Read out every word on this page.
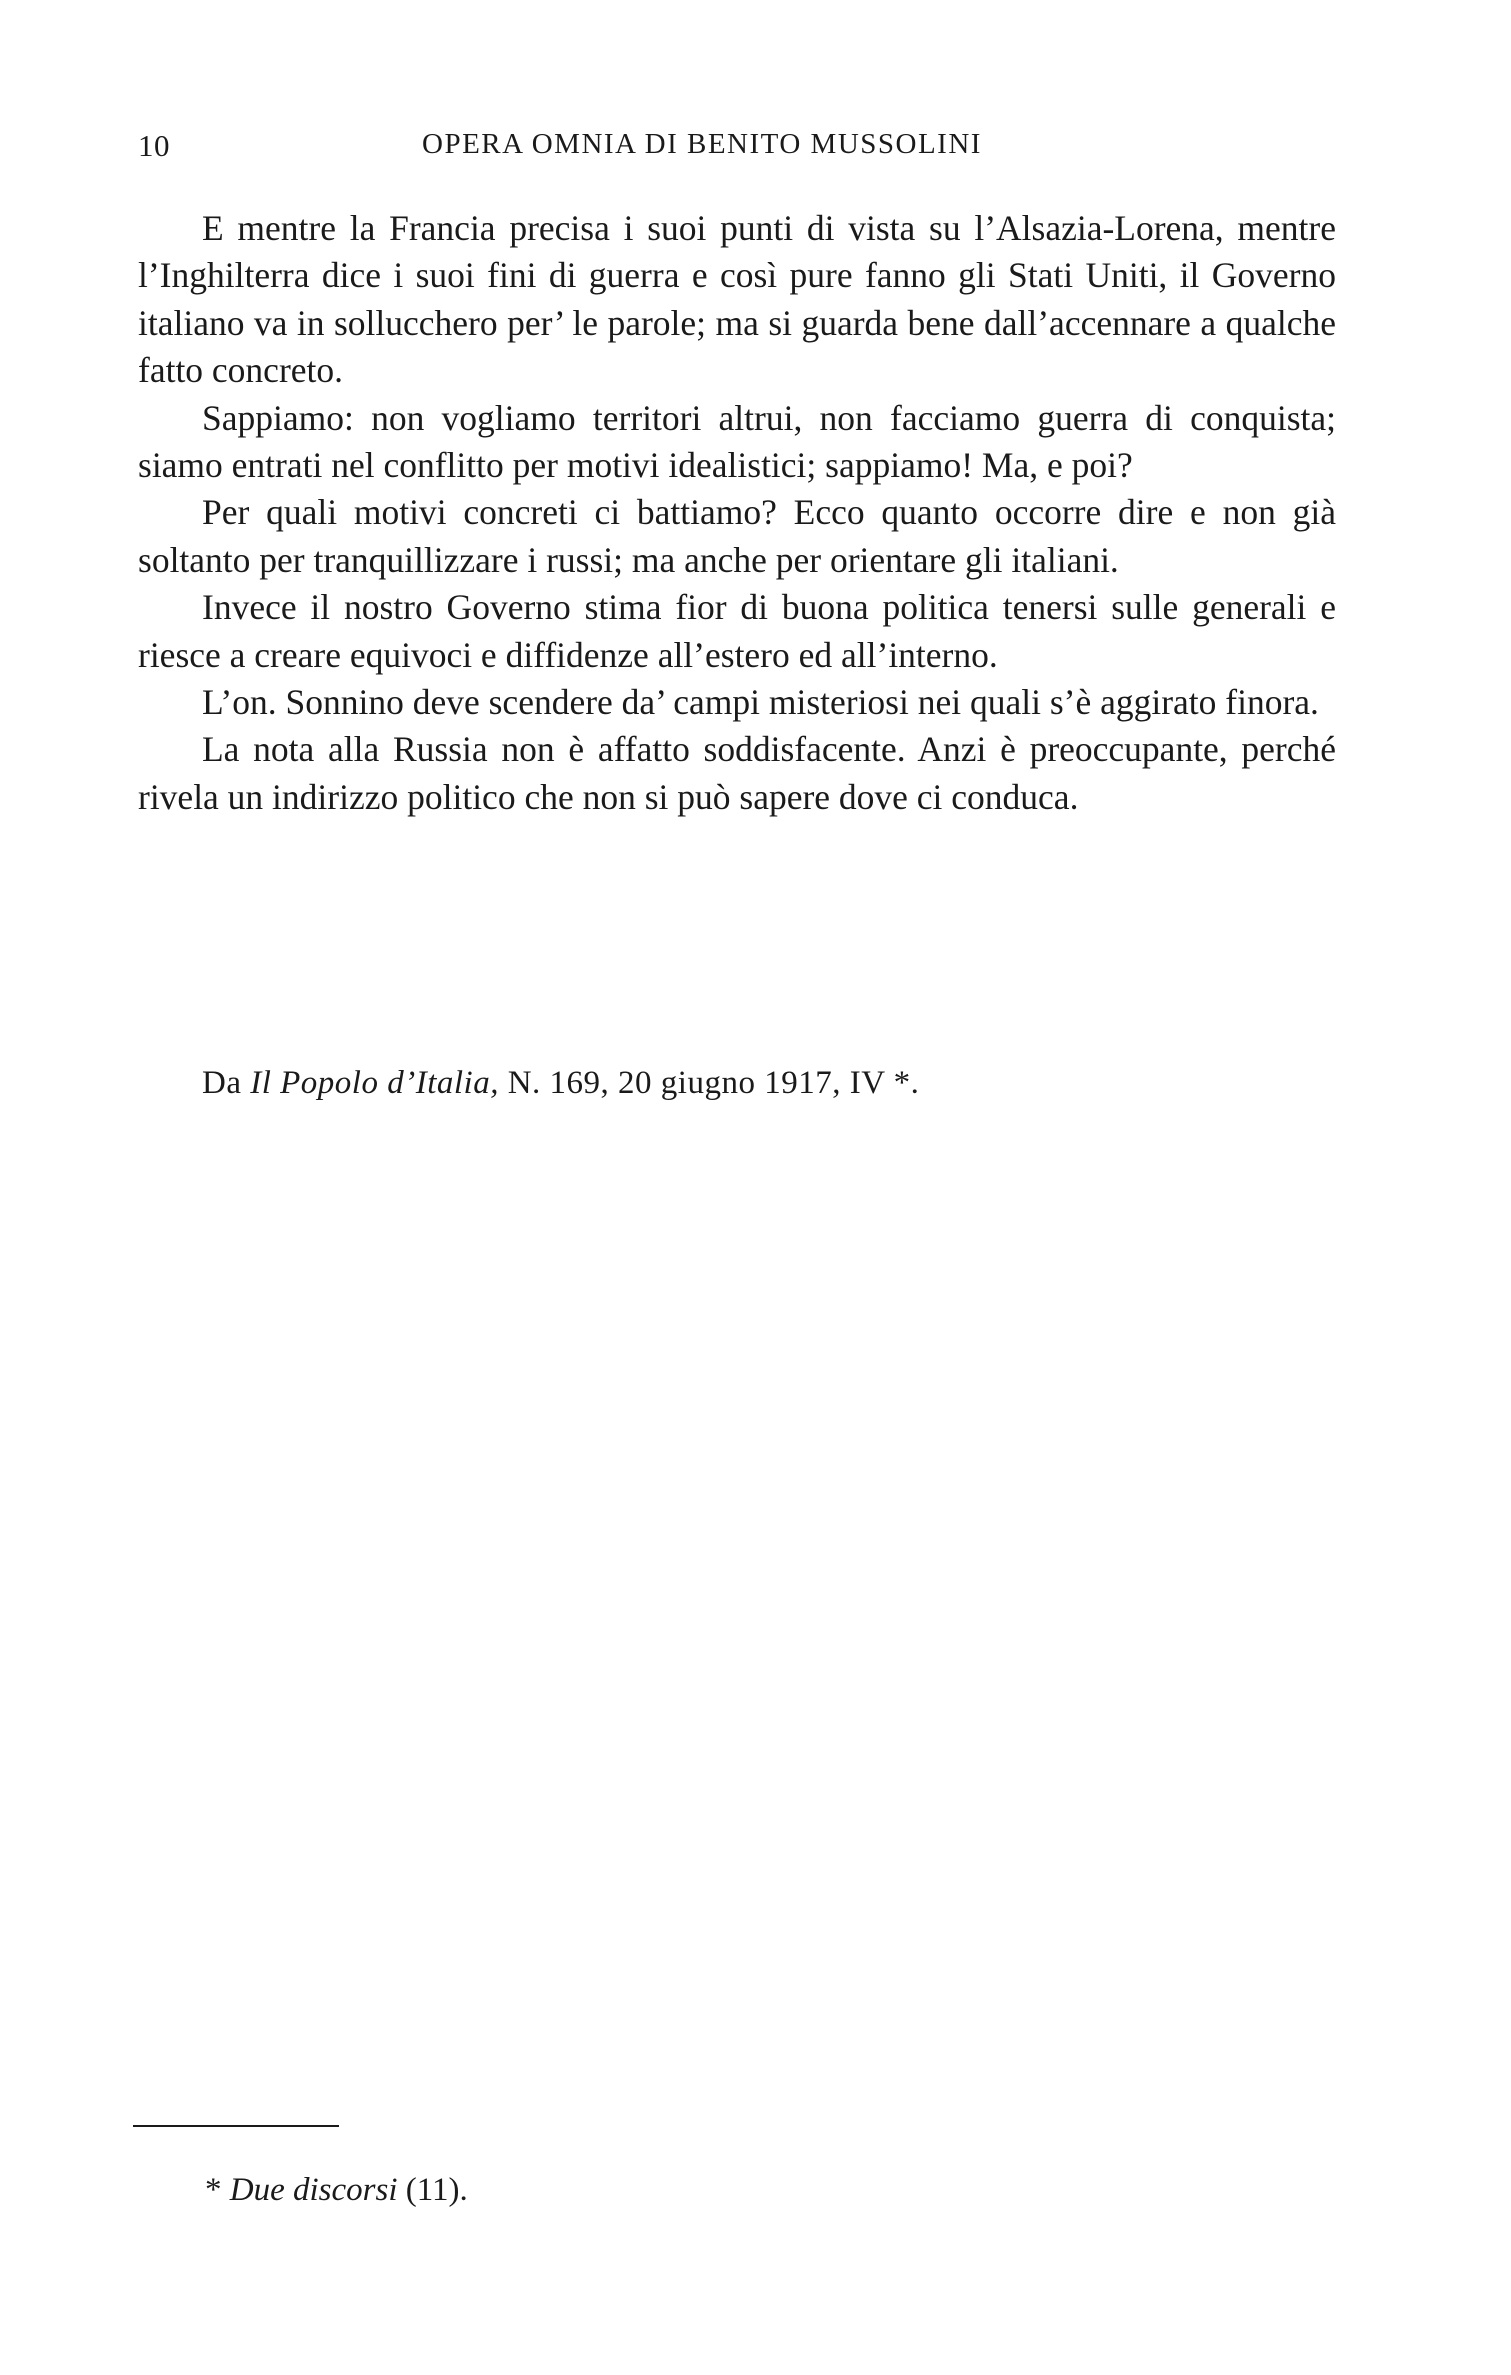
10	OPERA OMNIA DI BENITO MUSSOLINI

E mentre la Francia precisa i suoi punti di vista su l’Alsazia-Lorena, mentre l’Inghilterra dice i suoi fini di guerra e così pure fanno gli Stati Uniti, il Governo italiano va in sollucchero per’ le parole; ma si guarda bene dall’accennare a qualche fatto concreto.

Sappiamo: non vogliamo territori altrui, non facciamo guerra di conquista; siamo entrati nel conflitto per motivi idealistici; sappiamo! Ma, e poi?

Per quali motivi concreti ci battiamo? Ecco quanto occorre dire e non già soltanto per tranquillizzare i russi; ma anche per orientare gli italiani.

Invece il nostro Governo stima fior di buona politica tenersi sulle generali e riesce a creare equivoci e diffidenze all’estero ed all’interno.

L’on. Sonnino deve scendere da’ campi misteriosi nei quali s’è aggirato finora.

La nota alla Russia non è affatto soddisfacente. Anzi è preoccupante, perché rivela un indirizzo politico che non si può sapere dove ci conduca.

Da Il Popolo d’Italia, N. 169, 20 giugno 1917, IV *.
* Due discorsi (11).
